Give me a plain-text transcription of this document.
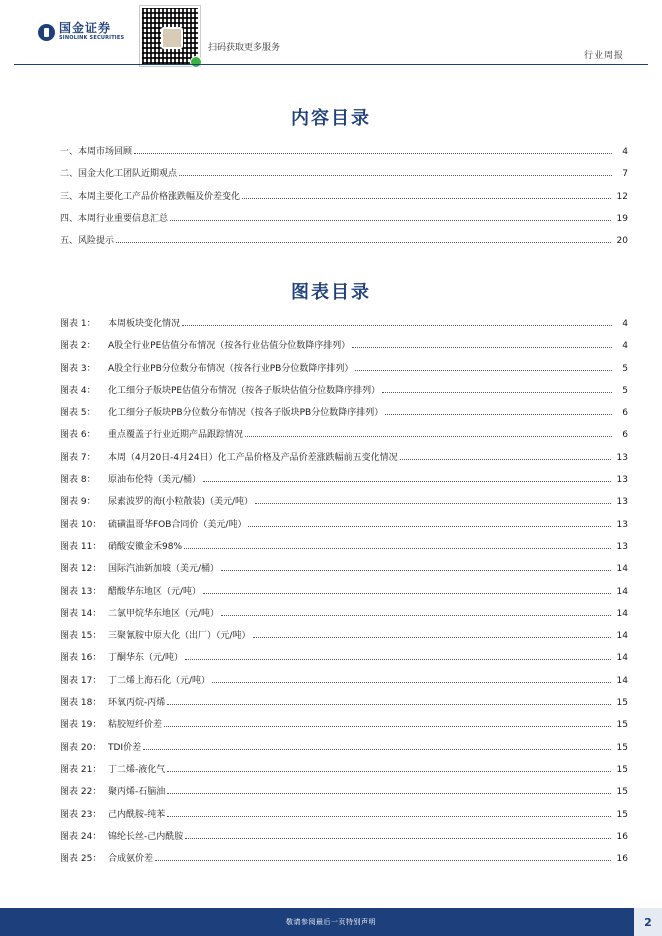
国金证券
SINOLINK SECURITIES
扫码获取更多服务
行业周报
内容目录
一、本周市场回顾	4
二、国金大化工团队近期观点	7
三、本周主要化工产品价格涨跌幅及价差变化	12
四、本周行业重要信息汇总	19
五、风险提示	20
图表目录
图表 1： 本周板块变化情况	4
图表 2： A股全行业PE估值分布情况（按各行业估值分位数降序排列）	4
图表 3： A股全行业PB分位数分布情况（按各行业PB分位数降序排列）	5
图表 4： 化工细分子版块PE估值分布情况（按各子版块估值分位数降序排列）	5
图表 5： 化工细分子版块PB分位数分布情况（按各子版块PB分位数降序排列）	6
图表 6： 重点覆盖子行业近期产品跟踪情况	6
图表 7： 本周（4月20日-4月24日）化工产品价格及产品价差涨跌幅前五变化情况	13
图表 8： 原油布伦特（美元/桶）	13
图表 9： 尿素波罗的海(小粒散装)（美元/吨）	13
图表 10： 硫磺温哥华FOB合同价（美元/吨）	13
图表 11： 硝酸安徽金禾98%	13
图表 12： 国际汽油新加坡（美元/桶）	14
图表 13： 醋酸华东地区（元/吨）	14
图表 14： 二氯甲烷华东地区（元/吨）	14
图表 15： 三聚氰胺中原大化（出厂）（元/吨）	14
图表 16： 丁酮华东（元/吨）	14
图表 17： 丁二烯上海石化（元/吨）	14
图表 18： 环氧丙烷-丙烯	15
图表 19： 粘胶短纤价差	15
图表 20： TDI价差	15
图表 21： 丁二烯-液化气	15
图表 22： 聚丙烯-石脑油	15
图表 23： 己内酰胺-纯苯	15
图表 24： 锦纶长丝-己内酰胺	16
图表 25： 合成氨价差	16
敬请参阅最后一页特别声明	2
